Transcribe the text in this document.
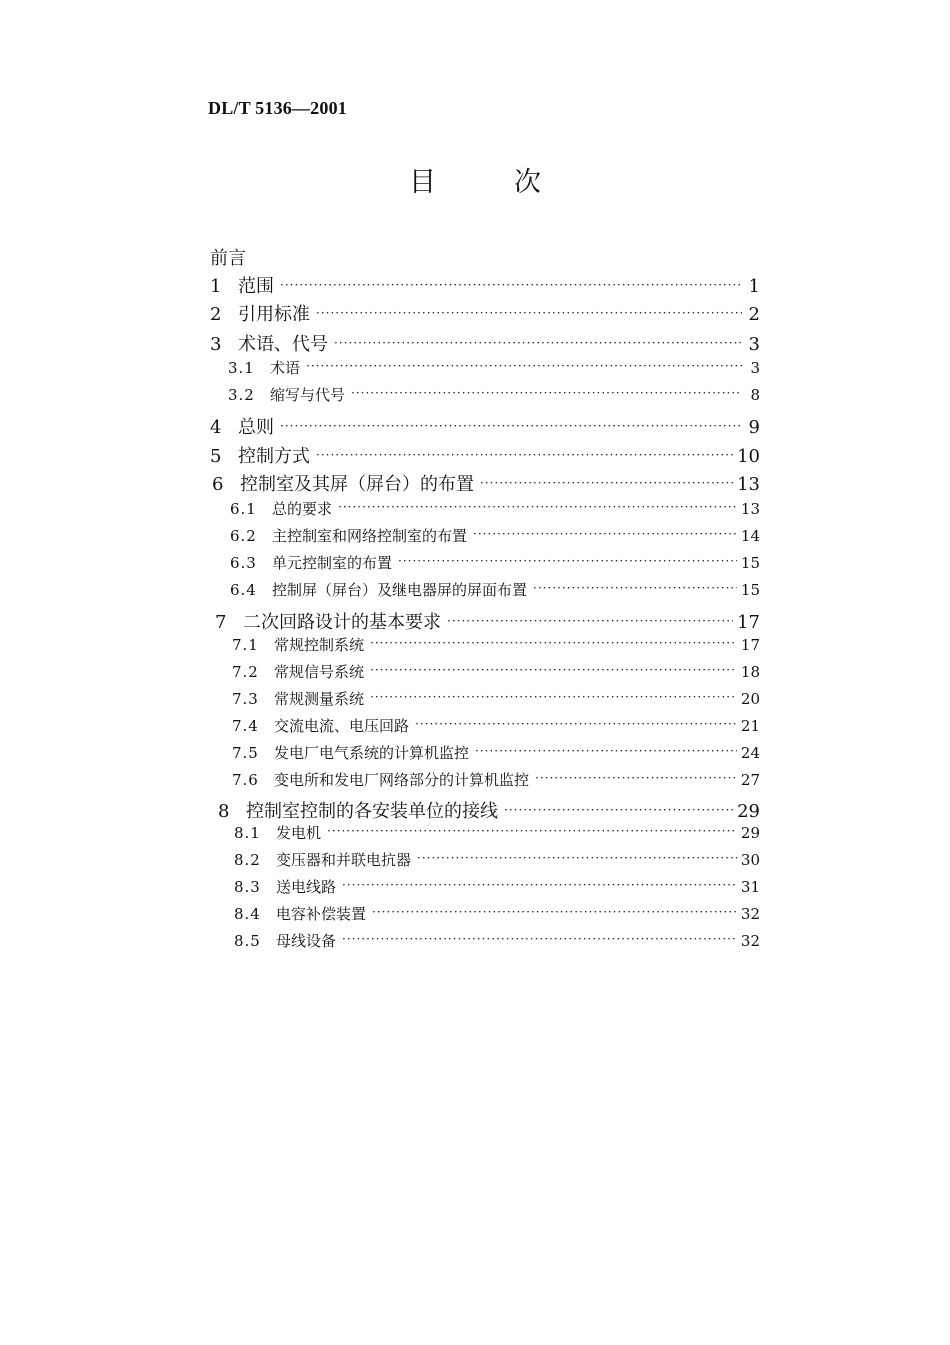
DL/T 5136—2001
目次
前言
1 范围 ·····	1
2 引用标准 ·····	2
3 术语、代号 ·····	3
3.1	术语 ·····	3
3.2	缩写与代号 ·····	8
4 总则 ·····	9
5 控制方式 ·····	10
6 控制室及其屏（屏台）的布置 ·····	13
6.1	总的要求 ·····	13
6.2	主控制室和网络控制室的布置 ·····	14
6.3	单元控制室的布置 ·····	15
6.4	控制屏（屏台）及继电器屏的屏面布置 ·····	15
7 二次回路设计的基本要求 ·····	17
7.1	常规控制系统 ·····	17
7.2	常规信号系统 ·····	18
7.3	常规测量系统 ·····	20
7.4	交流电流、电压回路 ·····	21
7.5	发电厂电气系统的计算机监控 ·····	24
7.6	变电所和发电厂网络部分的计算机监控 ·····	27
8 控制室控制的各安装单位的接线 ·····	29
8.1	发电机 ·····	29
8.2	变压器和并联电抗器 ·····	30
8.3	送电线路 ·····	31
8.4	电容补偿装置 ·····	32
8.5	母线设备 ·····	32
